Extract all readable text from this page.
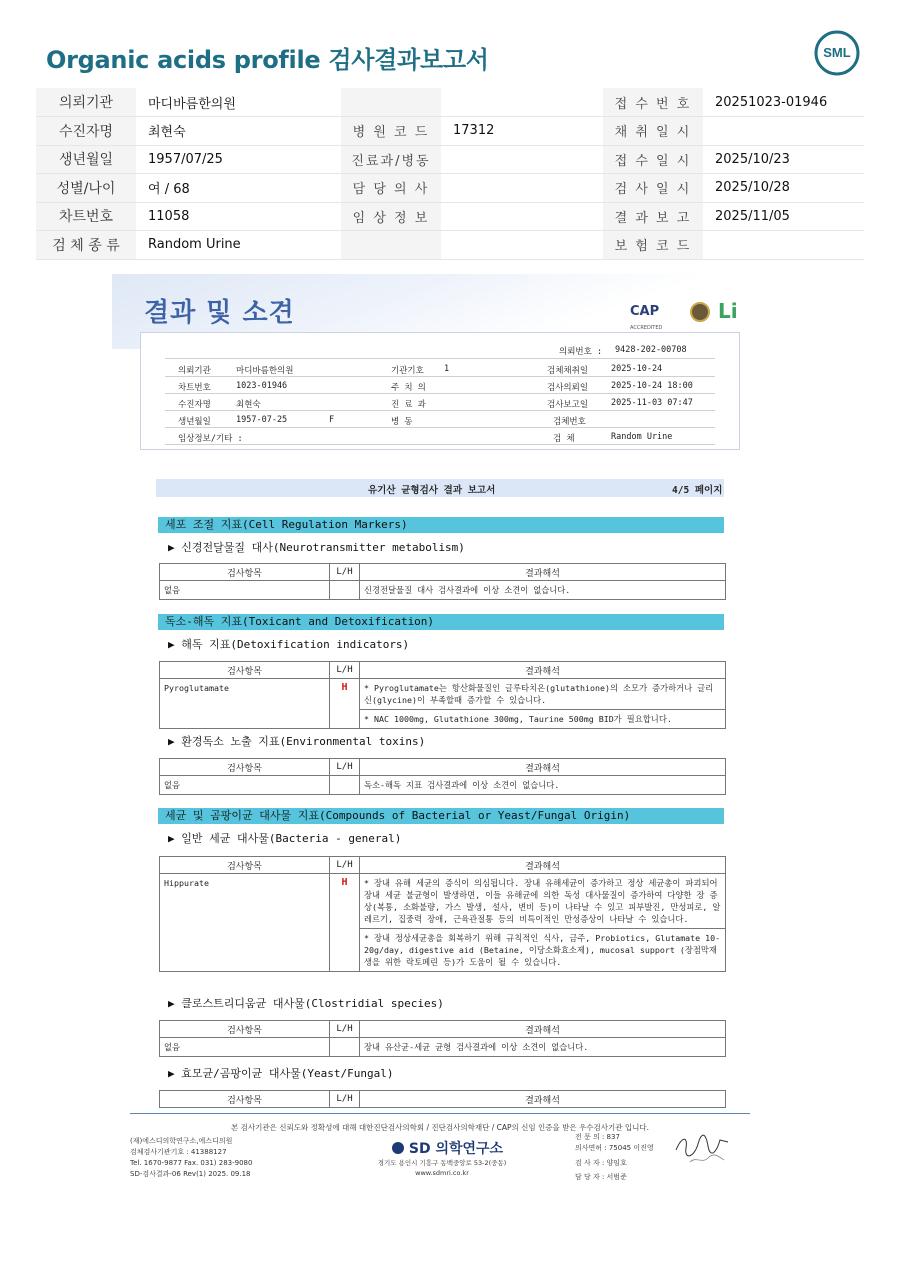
Organic acids profile 검사결과보고서	SML
의뢰기관	마디바름한의원			접 수 번 호	20251023-01946
수진자명	최현숙	병 원 코 드	17312	채 취 일 시	
생년월일	1957/07/25	진료과/병동		접 수 일 시	2025/10/23
성별/나이	여 / 68	담 당 의 사		검 사 일 시	2025/10/28
차트번호	11058	임 상 정 보		결 과 보 고	2025/11/05
검 체 종 류	Random Urine			보 험 코 드	
결과 및 소견	CAP
ACCREDITED
Li
의뢰번호 : 9428-202-00708
의뢰기관	마디바름한의원	기관기호 1	검체채취일	2025-10-24
차트번호	1023-01946	주 치 의	검사의뢰일	2025-10-24 18:00
수진자명	최현숙	진 료 과	검사보고일	2025-11-03 07:47
생년월일	1957-07-25	F	병 동	검체번호
임상정보/기타 :	검 체	Random Urine
유기산 균형검사 결과 보고서	4/5 페이지
세포 조절 지표(Cell Regulation Markers)
▶ 신경전달물질 대사(Neurotransmitter metabolism)
검사항목	L/H	결과해석
없음		신경전달물질 대사 검사결과에 이상 소견이 없습니다.
독소-해독 지표(Toxicant and Detoxification)
▶ 해독 지표(Detoxification indicators)
검사항목	L/H	결과해석
Pyroglutamate	H	* Pyroglutamate는 항산화물질인 글루타치온(glutathione)의 소모가 증가하거나 글리신(glycine)이 부족할때 증가할 수 있습니다.
* NAC 1000mg, Glutathione 300mg, Taurine 500mg BID가 필요합니다.
▶ 환경독소 노출 지표(Environmental toxins)
검사항목	L/H	결과해석
없음		독소-해독 지표 검사결과에 이상 소견이 없습니다.
세균 및 곰팡이균 대사물 지표(Compounds of Bacterial or Yeast/Fungal Origin)
▶ 일반 세균 대사물(Bacteria - general)
검사항목	L/H	결과해석
Hippurate	H	* 장내 유해 세균의 증식이 의심됩니다. 장내 유해세균이 증가하고 정상 세균총이 파괴되어 장내 세균 불균형이 발생하면, 이들 유해균에 의한 독성 대사물질이 증가하여 다양한 장 증상(복통, 소화불량, 가스 발생, 설사, 변비 등)이 나타날 수 있고 피부발진, 만성피로, 알레르기, 집중력 장애, 근육관절통 등의 비특이적인 만성증상이 나타날 수 있습니다.
* 장내 정상세균총을 회복하기 위해 규칙적인 식사, 금주, Probiotics, Glutamate 10-20g/day, digestive aid (Betaine, 이당소화효소제), mucosal support (장점막재생을 위한 락토페린 등)가 도움이 될 수 있습니다.
▶ 클로스트리디움균 대사물(Clostridial species)
검사항목	L/H	결과해석
없음		장내 유산균-세균 균형 검사결과에 이상 소견이 없습니다.
▶ 효모균/곰팡이균 대사물(Yeast/Fungal)
검사항목	L/H	결과해석
본 검사기관은 신뢰도와 정확성에 대해 대한진단검사의학회 / 진단검사의학재단 / CAP의 신임 인증을 받은 우수검사기관 입니다.
(재)에스디의학연구소,에스디의원
검체검사기관기호 : 41388127
Tel. 1670-9877 Fax. 031) 283-9080
SD-검사결과-06 Rev(1) 2025. 09.18
SD 의학연구소
경기도 용인시 기흥구 동백중앙로 53-2(중동)
www.sdmri.co.kr
전 문 의 : 837
의사면허 : 75045 이진영
검 사 자 : 양임호
담 당 자 : 서범준
